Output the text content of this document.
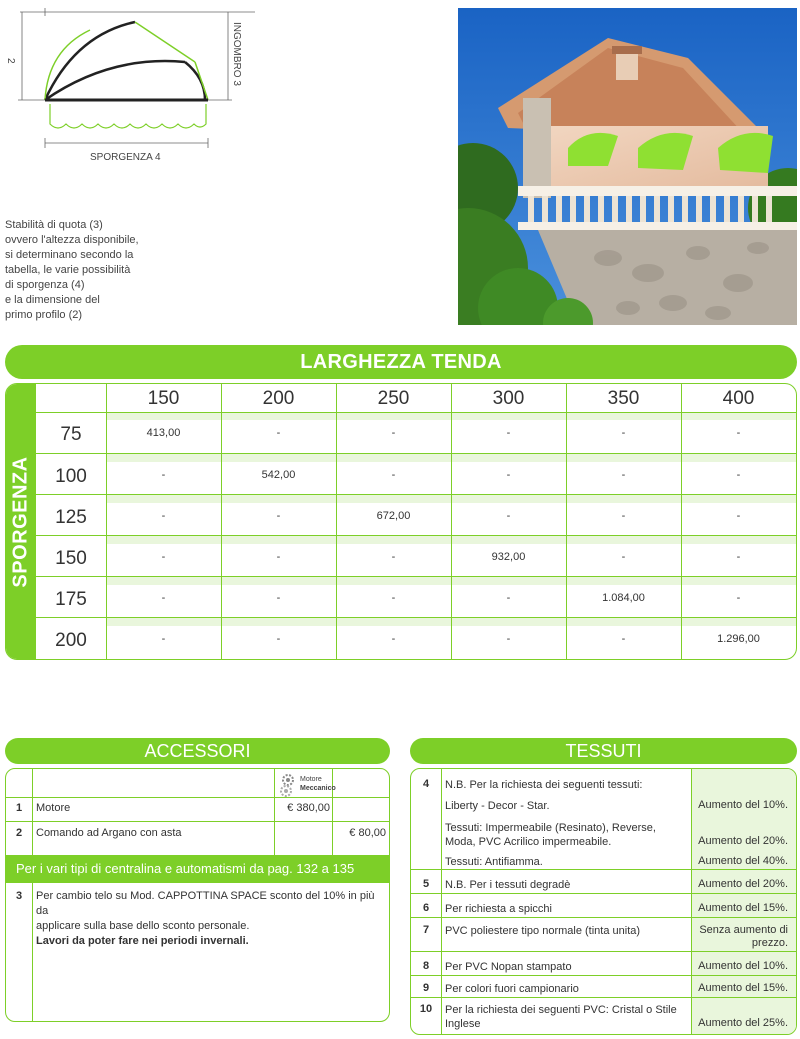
2	INGOMBRO 3
SPORGENZA 4
Stabilità di quota (3)
ovvero l'altezza disponibile,
si determinano secondo la
tabella, le varie possibilità
di sporgenza (4)
e la dimensione del
primo profilo (2)
LARGHEZZA TENDA
SPORGENZA
150	200	250	300	350	400
75	413,00	-	-	-	-	-
100	-	542,00	-	-	-	-
125	-	-	672,00	-	-	-
150	-	-	-	932,00	-	-
175	-	-	-	-	1.084,00	-
200	-	-	-	-	-	1.296,00
ACCESSORI
Motore
Meccanico
1	Motore	€ 380,00
2	Comando ad Argano con asta	€ 80,00
Per i vari tipi di centralina e automatismi da pag. 132 a 135
3	Per cambio telo su Mod. CAPPOTTINA SPACE sconto del 10% in più da
applicare sulla base dello sconto personale.
Lavori da poter fare nei periodi invernali.
TESSUTI
4	N.B. Per la richiesta dei seguenti tessuti:
Liberty - Decor - Star.	Aumento del 10%.
Tessuti: Impermeabile (Resinato), Reverse, Moda, PVC Acrilico impermeabile.	Aumento del 20%.
Tessuti: Antifiamma.	Aumento del 40%.
5	N.B. Per i tessuti degradè	Aumento del 20%.
6	Per richiesta a spicchi	Aumento del 15%.
7	PVC poliestere tipo normale (tinta unita)	Senza aumento di prezzo.
8	Per PVC Nopan stampato	Aumento del 10%.
9	Per colori fuori campionario	Aumento del 15%.
10	Per la richiesta dei seguenti PVC: Cristal o Stile Inglese	Aumento del 25%.
